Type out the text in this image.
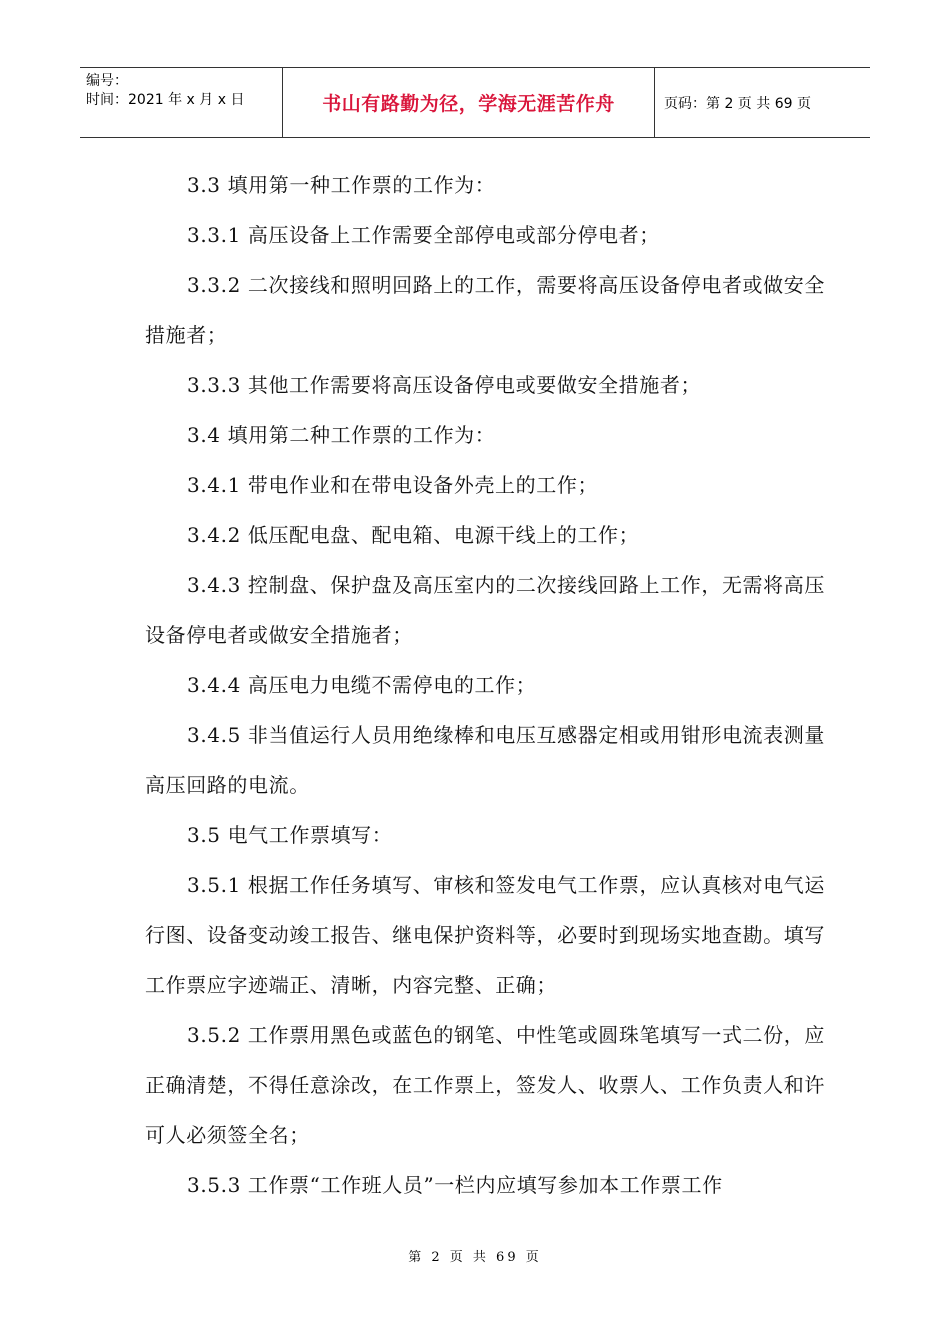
编号：
时间：2021 年 x 月 x 日	书山有路勤为径，学海无涯苦作舟	页码：第 2 页 共 69 页

3.3 填用第一种工作票的工作为：

3.3.1 高压设备上工作需要全部停电或部分停电者；

3.3.2 二次接线和照明回路上的工作，需要将高压设备停电者或做安全措施者；

3.3.3 其他工作需要将高压设备停电或要做安全措施者；

3.4 填用第二种工作票的工作为：

3.4.1 带电作业和在带电设备外壳上的工作；

3.4.2 低压配电盘、配电箱、电源干线上的工作；

3.4.3 控制盘、保护盘及高压室内的二次接线回路上工作，无需将高压设备停电者或做安全措施者；

3.4.4 高压电力电缆不需停电的工作；

3.4.5 非当值运行人员用绝缘棒和电压互感器定相或用钳形电流表测量高压回路的电流。

3.5 电气工作票填写：

3.5.1 根据工作任务填写、审核和签发电气工作票，应认真核对电气运行图、设备变动竣工报告、继电保护资料等，必要时到现场实地查勘。填写工作票应字迹端正、清晰，内容完整、正确；

3.5.2 工作票用黑色或蓝色的钢笔、中性笔或圆珠笔填写一式二份，应正确清楚，不得任意涂改，在工作票上，签发人、收票人、工作负责人和许可人必须签全名；

3.5.3 工作票“工作班人员”一栏内应填写参加本工作票工作

第 2 页 共 69 页
